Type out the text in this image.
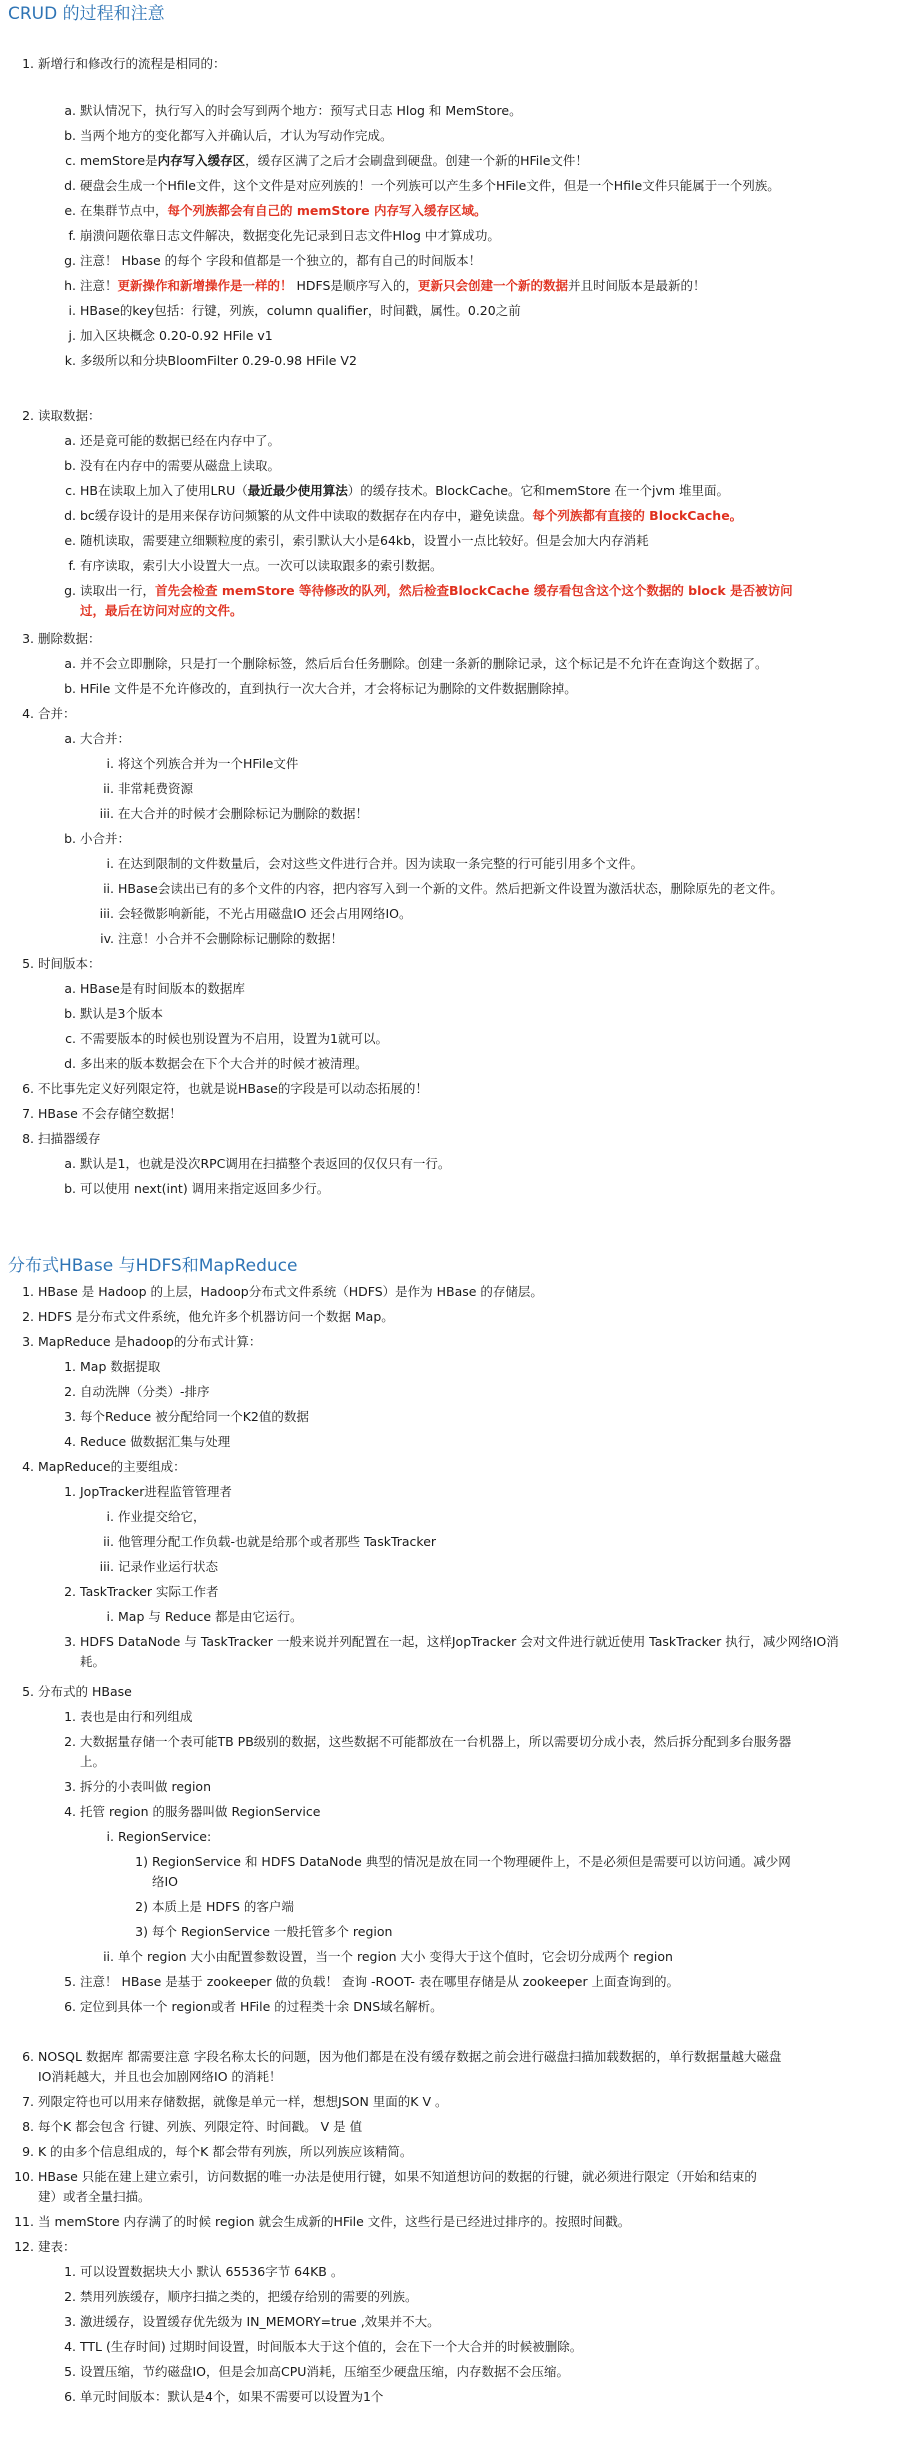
CRUD 的过程和注意
1. 新增行和修改行的流程是相同的：
a. 默认情况下，执行写入的时会写到两个地方：预写式日志 Hlog 和 MemStore。
b. 当两个地方的变化都写入并确认后，才认为写动作完成。
c. memStore是内存写入缓存区，缓存区满了之后才会刷盘到硬盘。创建一个新的HFile文件！
d. 硬盘会生成一个Hfile文件，这个文件是对应列族的！一个列族可以产生多个HFile文件，但是一个Hfile文件只能属于一个列族。
e. 在集群节点中，每个列族都会有自己的 memStore 内存写入缓存区域。
f. 崩溃问题依靠日志文件解决，数据变化先记录到日志文件Hlog 中才算成功。
g. 注意！ Hbase 的每个 字段和值都是一个独立的，都有自己的时间版本！
h. 注意！更新操作和新增操作是一样的！ HDFS是顺序写入的，更新只会创建一个新的数据并且时间版本是最新的！
i. HBase的key包括：行键，列族，column qualifier，时间戳，属性。0.20之前
j. 加入区块概念 0.20-0.92 HFile v1
k. 多级所以和分块BloomFilter 0.29-0.98 HFile V2
2. 读取数据：
a. 还是竟可能的数据已经在内存中了。
b. 没有在内存中的需要从磁盘上读取。
c. HB在读取上加入了使用LRU（最近最少使用算法）的缓存技术。BlockCache。它和memStore 在一个jvm 堆里面。
d. bc缓存设计的是用来保存访问频繁的从文件中读取的数据存在内存中，避免读盘。每个列族都有直接的 BlockCache。
e. 随机读取，需要建立细颗粒度的索引，索引默认大小是64kb，设置小一点比较好。但是会加大内存消耗
f. 有序读取，索引大小设置大一点。一次可以读取跟多的索引数据。
g. 读取出一行，首先会检查 memStore 等待修改的队列，然后检查BlockCache 缓存看包含这个这个数据的 block 是否被访问
过，最后在访问对应的文件。
3. 删除数据：
a. 并不会立即删除，只是打一个删除标签，然后后台任务删除。创建一条新的删除记录，这个标记是不允许在查询这个数据了。
b. HFile 文件是不允许修改的，直到执行一次大合并，才会将标记为删除的文件数据删除掉。
4. 合并：
a. 大合并：
i. 将这个列族合并为一个HFile文件
ii. 非常耗费资源
iii. 在大合并的时候才会删除标记为删除的数据！
b. 小合并：
i. 在达到限制的文件数量后，会对这些文件进行合并。因为读取一条完整的行可能引用多个文件。
ii. HBase会读出已有的多个文件的内容，把内容写入到一个新的文件。然后把新文件设置为激活状态，删除原先的老文件。
iii. 会轻微影响新能，不光占用磁盘IO 还会占用网络IO。
iv. 注意！小合并不会删除标记删除的数据！
5. 时间版本：
a. HBase是有时间版本的数据库
b. 默认是3个版本
c. 不需要版本的时候也别设置为不启用，设置为1就可以。
d. 多出来的版本数据会在下个大合并的时候才被清理。
6. 不比事先定义好列限定符，也就是说HBase的字段是可以动态拓展的！
7. HBase 不会存储空数据！
8. 扫描器缓存
a. 默认是1，也就是没次RPC调用在扫描整个表返回的仅仅只有一行。
b. 可以使用 next(int) 调用来指定返回多少行。
分布式HBase 与HDFS和MapReduce
1. HBase 是 Hadoop 的上层，Hadoop分布式文件系统（HDFS）是作为 HBase 的存储层。
2. HDFS 是分布式文件系统，他允许多个机器访问一个数据 Map。
3. MapReduce 是hadoop的分布式计算：
1. Map 数据提取
2. 自动洗牌（分类）-排序
3. 每个Reduce 被分配给同一个K2值的数据
4. Reduce 做数据汇集与处理
4. MapReduce的主要组成：
1. JopTracker进程监管管理者
i. 作业提交给它，
ii. 他管理分配工作负载-也就是给那个或者那些 TaskTracker
iii. 记录作业运行状态
2. TaskTracker 实际工作者
i. Map 与 Reduce 都是由它运行。
3. HDFS DataNode 与 TaskTracker 一般来说并列配置在一起，这样JopTracker 会对文件进行就近使用 TaskTracker 执行，减少网络IO消
耗。
5. 分布式的 HBase
1. 表也是由行和列组成
2. 大数据量存储一个表可能TB PB级别的数据，这些数据不可能都放在一台机器上，所以需要切分成小表，然后拆分配到多台服务器
上。
3. 拆分的小表叫做 region
4. 托管 region 的服务器叫做 RegionService
i. RegionService:
1) RegionService 和 HDFS DataNode 典型的情况是放在同一个物理硬件上，不是必须但是需要可以访问通。减少网
络IO
2) 本质上是 HDFS 的客户端
3) 每个 RegionService 一般托管多个 region
ii. 单个 region 大小由配置参数设置，当一个 region 大小 变得大于这个值时，它会切分成两个 region
5. 注意！ HBase 是基于 zookeeper 做的负载！ 查询 -ROOT- 表在哪里存储是从 zookeeper 上面查询到的。
6. 定位到具体一个 region或者 HFile 的过程类十余 DNS域名解析。
6. NOSQL 数据库 都需要注意 字段名称太长的问题，因为他们都是在没有缓存数据之前会进行磁盘扫描加载数据的，单行数据量越大磁盘
IO消耗越大，并且也会加剧网络IO 的消耗！
7. 列限定符也可以用来存储数据，就像是单元一样，想想JSON 里面的K V 。
8. 每个K 都会包含 行键、列族、列限定符、时间戳。 V 是 值
9. K 的由多个信息组成的，每个K 都会带有列族，所以列族应该精简。
10. HBase 只能在建上建立索引，访问数据的唯一办法是使用行键，如果不知道想访问的数据的行键，就必须进行限定（开始和结束的
建）或者全量扫描。
11. 当 memStore 内存满了的时候 region 就会生成新的HFile 文件，这些行是已经进过排序的。按照时间戳。
12. 建表：
1. 可以设置数据块大小 默认 65536字节 64KB 。
2. 禁用列族缓存，顺序扫描之类的，把缓存给别的需要的列族。
3. 激进缓存，设置缓存优先级为 IN_MEMORY=true ,效果并不大。
4. TTL (生存时间) 过期时间设置，时间版本大于这个值的，会在下一个大合并的时候被删除。
5. 设置压缩，节约磁盘IO，但是会加高CPU消耗，压缩至少硬盘压缩，内存数据不会压缩。
6. 单元时间版本：默认是4个，如果不需要可以设置为1个
